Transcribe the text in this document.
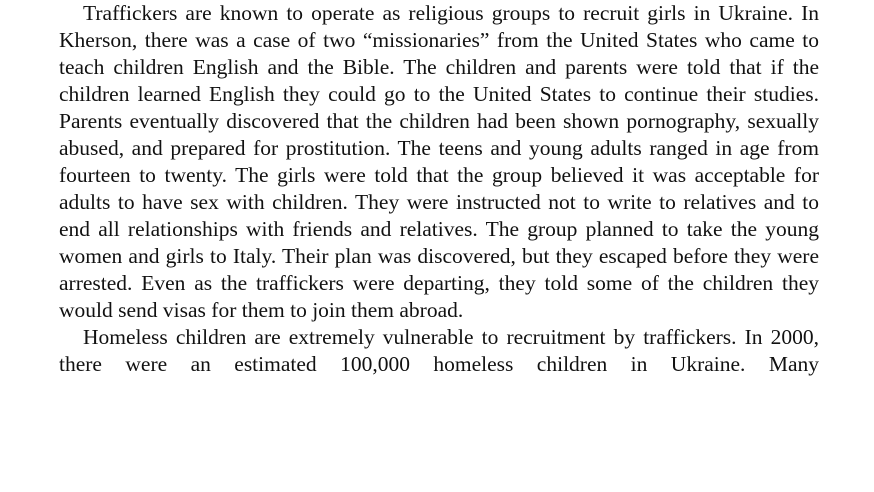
Traffickers are known to operate as religious groups to recruit girls in Ukraine. In Kherson, there was a case of two “missionaries” from the United States who came to teach children English and the Bible. The children and parents were told that if the children learned English they could go to the United States to continue their studies. Parents eventually discovered that the children had been shown pornography, sexually abused, and prepared for prostitution. The teens and young adults ranged in age from fourteen to twenty. The girls were told that the group believed it was acceptable for adults to have sex with children. They were instructed not to write to relatives and to end all relationships with friends and relatives. The group planned to take the young women and girls to Italy. Their plan was discovered, but they escaped before they were arrested. Even as the traffickers were departing, they told some of the children they would send visas for them to join them abroad.

Homeless children are extremely vulnerable to recruitment by traffickers. In 2000, there were an estimated 100,000 homeless children in Ukraine. Many
